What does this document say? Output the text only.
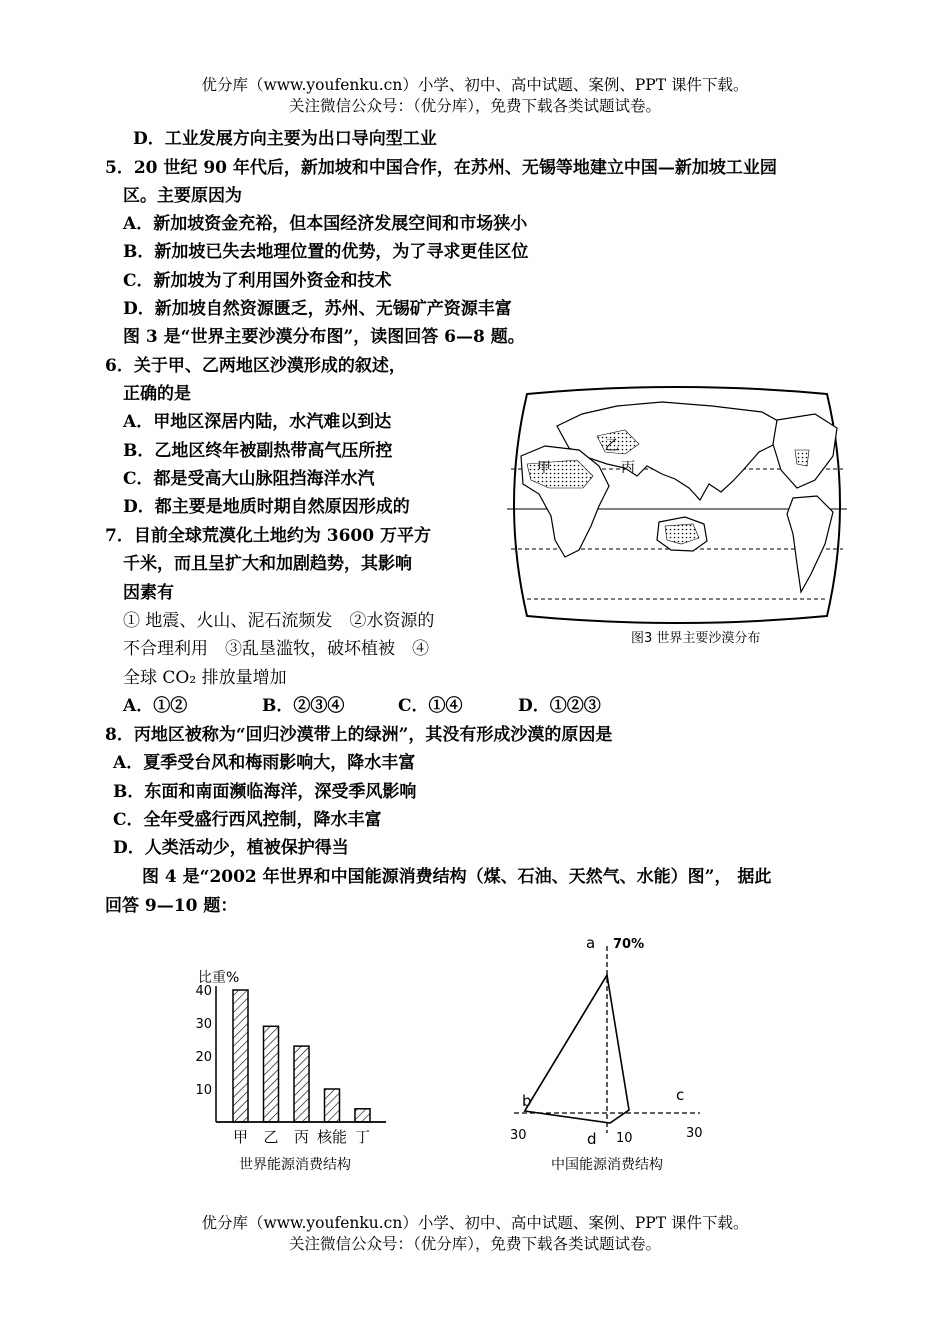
优分库（www.youfenku.cn）小学、初中、高中试题、案例、PPT 课件下载。
关注微信公众号：（优分库），免费下载各类试题试卷。
D．工业发展方向主要为出口导向型工业
5．20 世纪 90 年代后，新加坡和中国合作，在苏州、无锡等地建立中国—新加坡工业园
区。主要原因为
A．新加坡资金充裕，但本国经济发展空间和市场狭小
B．新加坡已失去地理位置的优势，为了寻求更佳区位
C．新加坡为了利用国外资金和技术
D．新加坡自然资源匮乏，苏州、无锡矿产资源丰富
图 3 是“世界主要沙漠分布图”，读图回答 6—8 题。
6．关于甲、乙两地区沙漠形成的叙述，
正确的是
A．甲地区深居内陆，水汽难以到达
B．乙地区终年被副热带高气压所控
C．都是受高大山脉阻挡海洋水汽
D．都主要是地质时期自然原因形成的
7．目前全球荒漠化土地约为 3600 万平方
千米，而且呈扩大和加剧趋势，其影响
因素有
① 地震、火山、泥石流频发　②水资源的
不合理利用　③乱垦滥牧，破坏植被　④
全球 CO₂ 排放量增加
A．①②	B．②③④	C．①④	D．①②③
8．丙地区被称为“回归沙漠带上的绿洲”，其没有形成沙漠的原因是
A．夏季受台风和梅雨影响大，降水丰富
B．东面和南面濒临海洋，深受季风影响
C．全年受盛行西风控制，降水丰富
D．人类活动少，植被保护得当
图 4 是“2002 年世界和中国能源消费结构（煤、石油、天然气、水能）图”， 据此
回答 9—10 题：
甲
乙
丙
图3 世界主要沙漠分布
比重%
10
20
30
40
甲 乙 丙 核能 丁
世界能源消费结构
a 70%
b	c
d
30	30
10
中国能源消费结构
优分库（www.youfenku.cn）小学、初中、高中试题、案例、PPT 课件下载。
关注微信公众号：（优分库），免费下载各类试题试卷。
